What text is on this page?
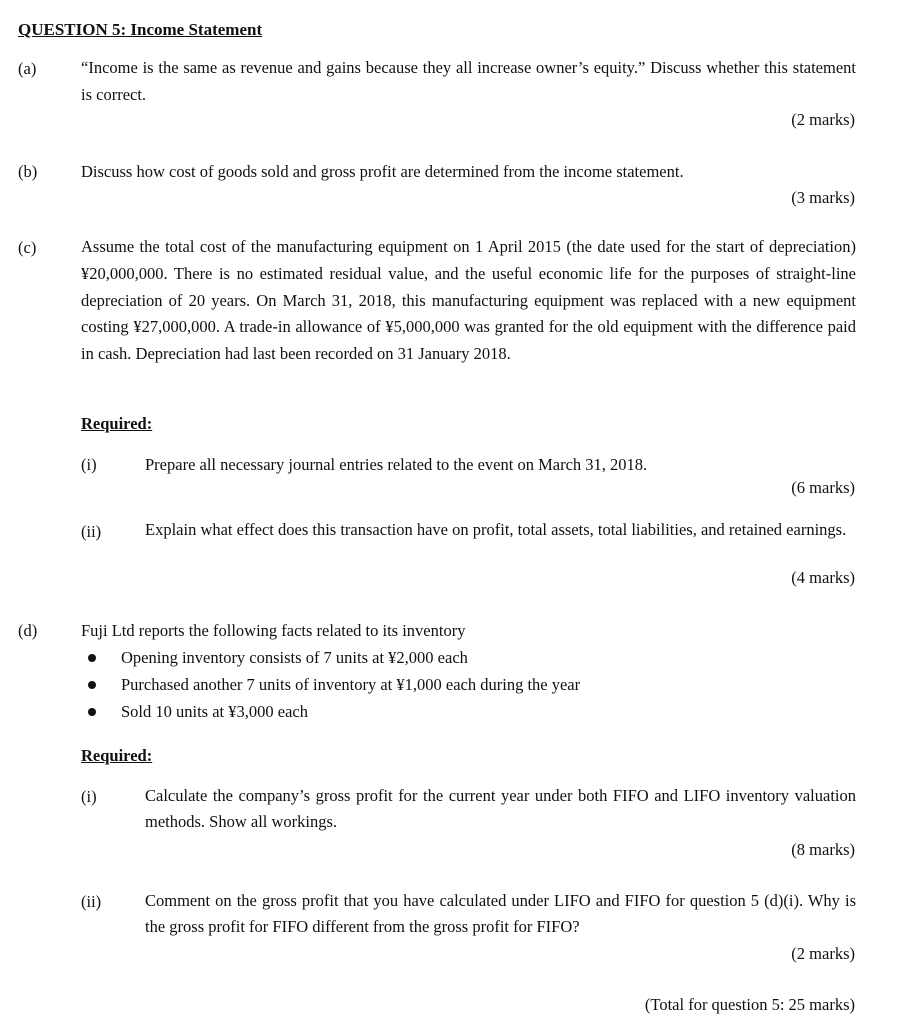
QUESTION 5: Income Statement
(a)	“Income is the same as revenue and gains because they all increase owner’s equity.” Discuss whether this statement is correct.
(2 marks)
(b)	Discuss how cost of goods sold and gross profit are determined from the income statement.
(3 marks)
(c)	Assume the total cost of the manufacturing equipment on 1 April 2015 (the date used for the start of depreciation) ¥20,000,000. There is no estimated residual value, and the useful economic life for the purposes of straight-line depreciation of 20 years. On March 31, 2018, this manufacturing equipment was replaced with a new equipment costing ¥27,000,000. A trade-in allowance of ¥5,000,000 was granted for the old equipment with the difference paid in cash. Depreciation had last been recorded on 31 January 2018.
Required:
(i)	Prepare all necessary journal entries related to the event on March 31, 2018.
(6 marks)
(ii)	Explain what effect does this transaction have on profit, total assets, total liabilities, and retained earnings.
(4 marks)
(d)	Fuji Ltd reports the following facts related to its inventory
Opening inventory consists of 7 units at ¥2,000 each
Purchased another 7 units of inventory at ¥1,000 each during the year
Sold 10 units at ¥3,000 each
Required:
(i)	Calculate the company’s gross profit for the current year under both FIFO and LIFO inventory valuation methods. Show all workings.
(8 marks)
(ii)	Comment on the gross profit that you have calculated under LIFO and FIFO for question 5 (d)(i). Why is the gross profit for FIFO different from the gross profit for FIFO?
(2 marks)
(Total for question 5: 25 marks)
